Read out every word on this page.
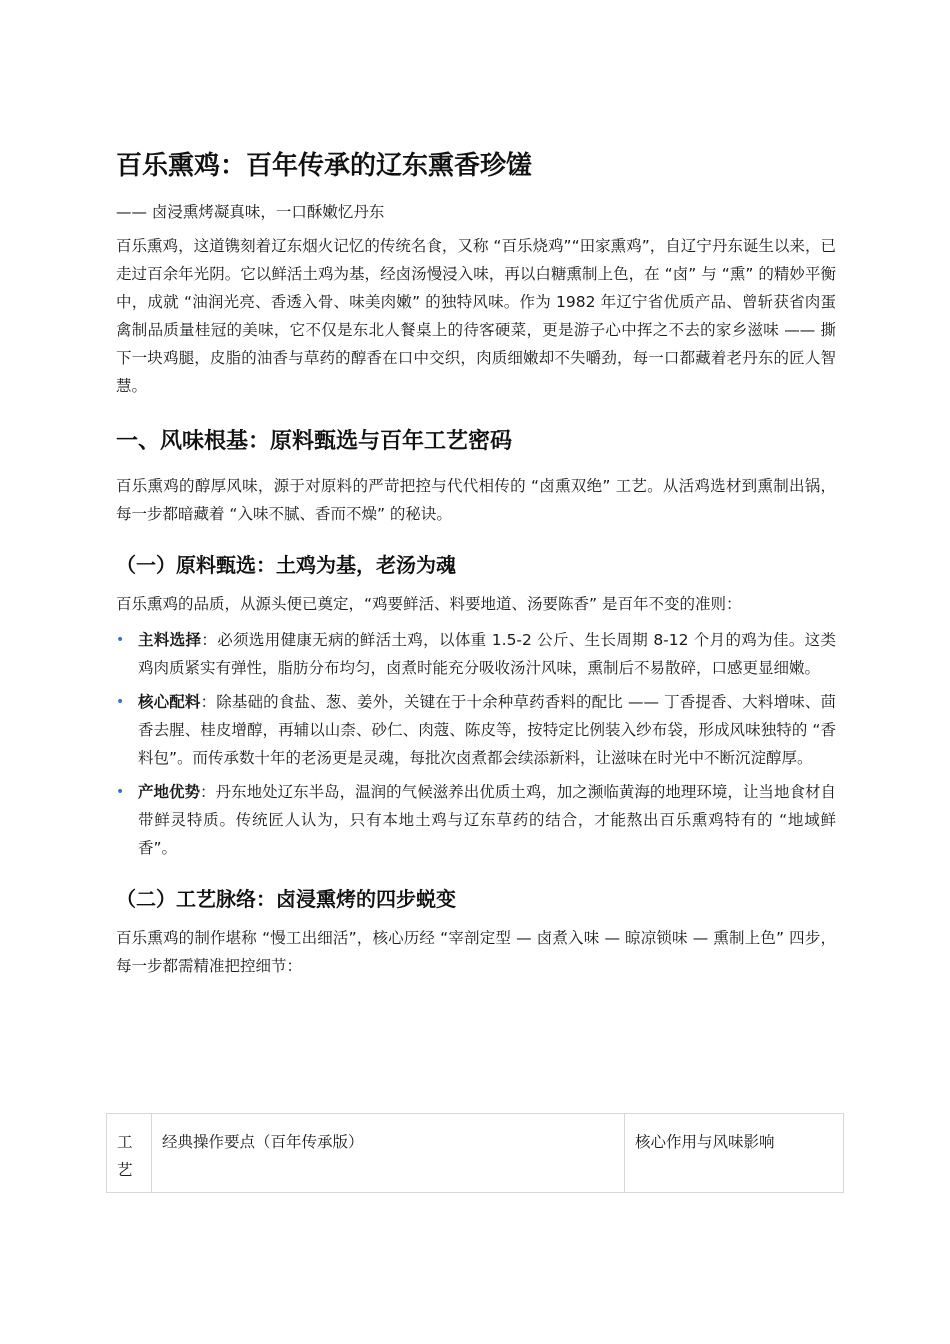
百乐熏鸡：百年传承的辽东熏香珍馐
—— 卤浸熏烤凝真味，一口酥嫩忆丹东

百乐熏鸡，这道镌刻着辽东烟火记忆的传统名食，又称 “百乐烧鸡”“田家熏鸡”，自辽宁丹东诞生以来，已走过百余年光阴。它以鲜活土鸡为基，经卤汤慢浸入味，再以白糖熏制上色，在 “卤” 与 “熏” 的精妙平衡中，成就 “油润光亮、香透入骨、味美肉嫩” 的独特风味。作为 1982 年辽宁省优质产品、曾斩获省肉蛋禽制品质量桂冠的美味，它不仅是东北人餐桌上的待客硬菜，更是游子心中挥之不去的家乡滋味 —— 撕下一块鸡腿，皮脂的油香与草药的醇香在口中交织，肉质细嫩却不失嚼劲，每一口都藏着老丹东的匠人智慧。

一、风味根基：原料甄选与百年工艺密码

百乐熏鸡的醇厚风味，源于对原料的严苛把控与代代相传的 “卤熏双绝” 工艺。从活鸡选材到熏制出锅，每一步都暗藏着 “入味不腻、香而不燥” 的秘诀。

（一）原料甄选：土鸡为基，老汤为魂

百乐熏鸡的品质，从源头便已奠定，“鸡要鲜活、料要地道、汤要陈香” 是百年不变的准则：

• 主料选择：必须选用健康无病的鲜活土鸡，以体重 1.5-2 公斤、生长周期 8-12 个月的鸡为佳。这类鸡肉质紧实有弹性，脂肪分布均匀，卤煮时能充分吸收汤汁风味，熏制后不易散碎，口感更显细嫩。
• 核心配料：除基础的食盐、葱、姜外，关键在于十余种草药香料的配比 —— 丁香提香、大料增味、茴香去腥、桂皮增醇，再辅以山柰、砂仁、肉蔻、陈皮等，按特定比例装入纱布袋，形成风味独特的 “香料包”。而传承数十年的老汤更是灵魂，每批次卤煮都会续添新料，让滋味在时光中不断沉淀醇厚。
• 产地优势：丹东地处辽东半岛，温润的气候滋养出优质土鸡，加之濒临黄海的地理环境，让当地食材自带鲜灵特质。传统匠人认为，只有本地土鸡与辽东草药的结合，才能熬出百乐熏鸡特有的 “地域鲜香”。
（二）工艺脉络：卤浸熏烤的四步蜕变

百乐熏鸡的制作堪称 “慢工出细活”，核心历经 “宰剖定型 — 卤煮入味 — 晾凉锁味 — 熏制上色” 四步，每一步都需精准把控细节：

工艺	经典操作要点（百年传承版）	核心作用与风味影响
